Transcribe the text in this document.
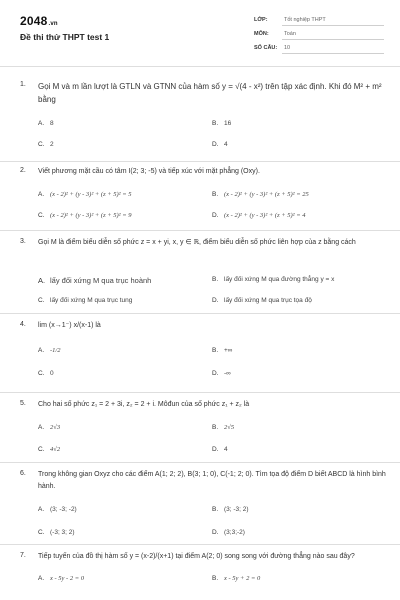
2048.vn
Đề thi thử THPT test 1
LỚP:	Tốt nghiệp THPT
MÔN:	Toán
SỐ CÂU: 10
1. Gọi M và m lần lượt là GTLN và GTNN của hàm số y = √(4 - x²) trên tập xác định. Khi đó M² + m² bằng
A. 8	B. 16
C. 2	D. 4
2. Viết phương mặt cầu có tâm I(2; 3; -5) và tiếp xúc với mặt phẳng (Oxy).
A. (x - 2)² + (y - 3)² + (z + 5)² = 5	B. (x - 2)² + (y - 3)² + (z + 5)² = 25
C. (x - 2)² + (y - 3)² + (z + 5)² = 9	D. (x - 2)² + (y - 3)² + (z + 5)² = 4
3. Gọi M là điểm biểu diễn số phức z = x + yi, x, y ∈ ℝ, điểm biểu diễn số phức liên hợp của z bằng cách
A. lấy đối xứng M qua trục hoành	B. lấy đối xứng M qua đường thẳng y = x
C. lấy đối xứng M qua trục tung	D. lấy đối xứng M qua trục tọa độ
4. lim (x→1⁻) x/(x-1) là
A. -1/2	B. +∞
C. 0	D. -∞
5. Cho hai số phức z₁ = 2 + 3i, z₂ = 2 + i. Môđun của số phức z₁ + z₂ là
A. 2√3	B. 2√5
C. 4√2	D. 4
6. Trong không gian Oxyz cho các điểm A(1; 2; 2), B(3; 1; 0), C(-1; 2; 0). Tìm tọa độ điểm D biết ABCD là hình bình hành.
A. (3; -3; -2)	B. (3; -3; 2)
C. (-3; 3; 2)	D. (3;3;-2)
7. Tiếp tuyến của đồ thị hàm số y = (x-2)/(x+1) tại điểm A(2; 0) song song với đường thẳng nào sau đây?
A. x - 5y - 2 = 0	B. x - 5y + 2 = 0
